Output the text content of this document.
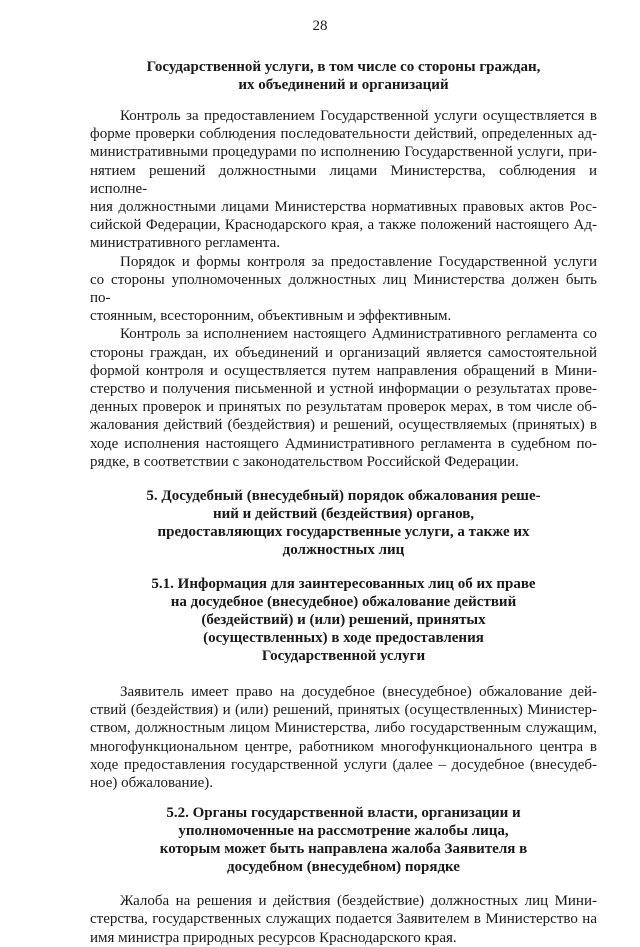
28
Государственной услуги, в том числе со стороны граждан,
их объединений и организаций
Контроль за предоставлением Государственной услуги осуществляется в
форме проверки соблюдения последовательности действий, определенных ад-
министративными процедурами по исполнению Государственной услуги, при-
нятием решений должностными лицами Министерства, соблюдения и исполне-
ния должностными лицами Министерства нормативных правовых актов Рос-
сийской Федерации, Краснодарского края, а также положений настоящего Ад-
министративного регламента.
Порядок и формы контроля за предоставление Государственной услуги
со стороны уполномоченных должностных лиц Министерства должен быть по-
стоянным, всесторонним, объективным и эффективным.
Контроль за исполнением настоящего Административного регламента со
стороны граждан, их объединений и организаций является самостоятельной
формой контроля и осуществляется путем направления обращений в Мини-
стерство и получения письменной и устной информации о результатах прове-
денных проверок и принятых по результатам проверок мерах, в том числе об-
жалования действий (бездействия) и решений, осуществляемых (принятых) в
ходе исполнения настоящего Административного регламента в судебном по-
рядке, в соответствии с законодательством Российской Федерации.
5. Досудебный (внесудебный) порядок обжалования реше-
ний и действий (бездействия) органов,
предоставляющих государственные услуги, а также их
должностных лиц
5.1. Информация для заинтересованных лиц об их праве
на досудебное (внесудебное) обжалование действий
(бездействий) и (или) решений, принятых
(осуществленных) в ходе предоставления
Государственной услуги
Заявитель имеет право на досудебное (внесудебное) обжалование дей-
ствий (бездействия) и (или) решений, принятых (осуществленных) Министер-
ством, должностным лицом Министерства, либо государственным служащим,
многофункциональном центре, работником многофункционального центра в
ходе предоставления государственной услуги (далее – досудебное (внесудеб-
ное) обжалование).
5.2. Органы государственной власти, организации и
уполномоченные на рассмотрение жалобы лица,
которым может быть направлена жалоба Заявителя в
досудебном (внесудебном) порядке
Жалоба на решения и действия (бездействие) должностных лиц Мини-
стерства, государственных служащих подается Заявителем в Министерство на
имя министра природных ресурсов Краснодарского края.
